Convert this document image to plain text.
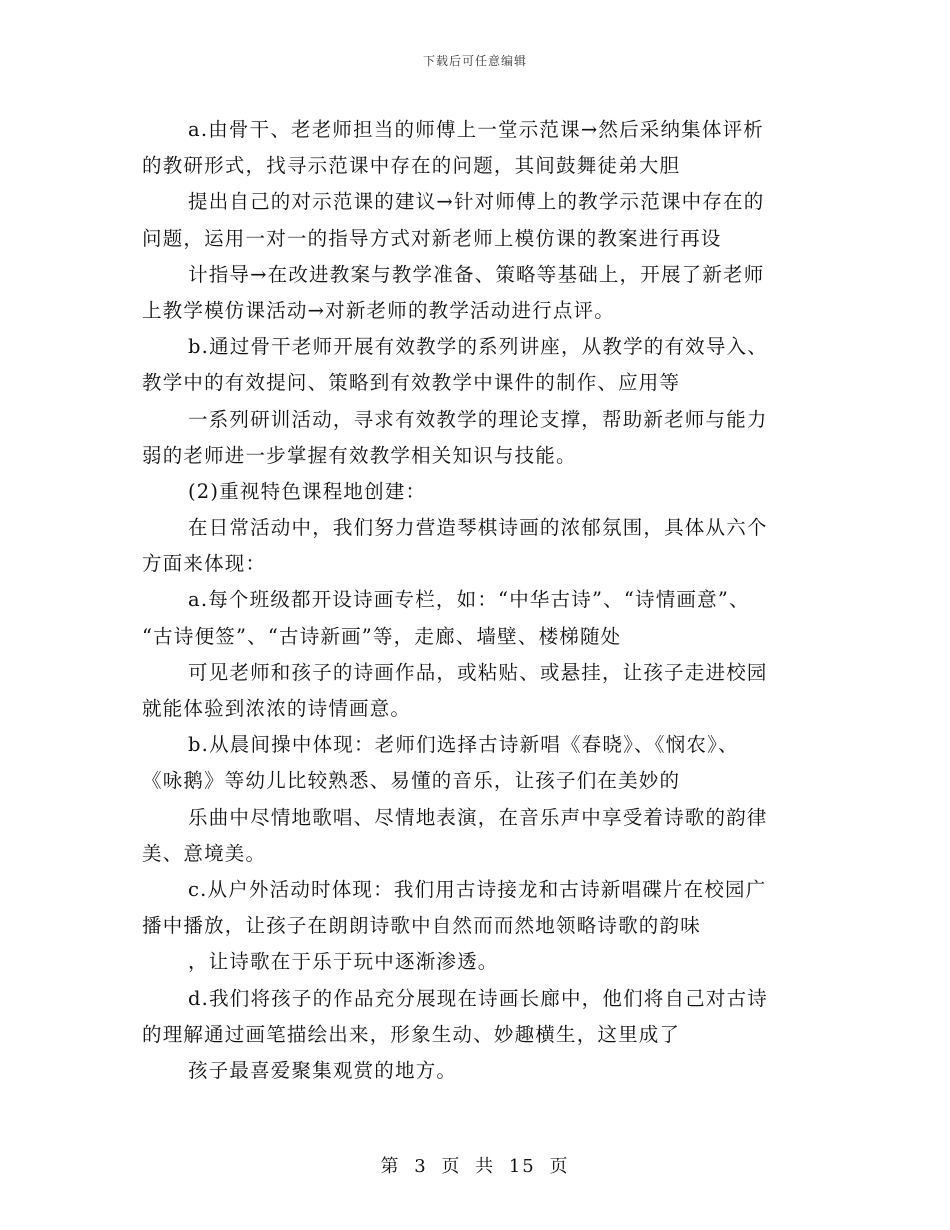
下载后可任意编辑
a.由骨干、老老师担当的师傅上一堂示范课→然后采纳集体评析
的教研形式，找寻示范课中存在的问题，其间鼓舞徒弟大胆
提出自己的对示范课的建议→针对师傅上的教学示范课中存在的
问题，运用一对一的指导方式对新老师上模仿课的教案进行再设
计指导→在改进教案与教学准备、策略等基础上，开展了新老师
上教学模仿课活动→对新老师的教学活动进行点评。
b.通过骨干老师开展有效教学的系列讲座，从教学的有效导入、
教学中的有效提问、策略到有效教学中课件的制作、应用等
一系列研训活动，寻求有效教学的理论支撑，帮助新老师与能力
弱的老师进一步掌握有效教学相关知识与技能。
(2)重视特色课程地创建：
在日常活动中，我们努力营造琴棋诗画的浓郁氛围，具体从六个
方面来体现：
a.每个班级都开设诗画专栏，如：“中华古诗”、“诗情画意”、
“古诗便签”、“古诗新画”等，走廊、墙壁、楼梯随处
可见老师和孩子的诗画作品，或粘贴、或悬挂，让孩子走进校园
就能体验到浓浓的诗情画意。
b.从晨间操中体现：老师们选择古诗新唱《春晓》、《悯农》、
《咏鹅》等幼儿比较熟悉、易懂的音乐，让孩子们在美妙的
乐曲中尽情地歌唱、尽情地表演，在音乐声中享受着诗歌的韵律
美、意境美。
c.从户外活动时体现：我们用古诗接龙和古诗新唱碟片在校园广
播中播放，让孩子在朗朗诗歌中自然而而然地领略诗歌的韵味
，让诗歌在于乐于玩中逐渐渗透。
d.我们将孩子的作品充分展现在诗画长廊中，他们将自己对古诗
的理解通过画笔描绘出来，形象生动、妙趣横生，这里成了
孩子最喜爱聚集观赏的地方。
第 3 页 共 15 页
